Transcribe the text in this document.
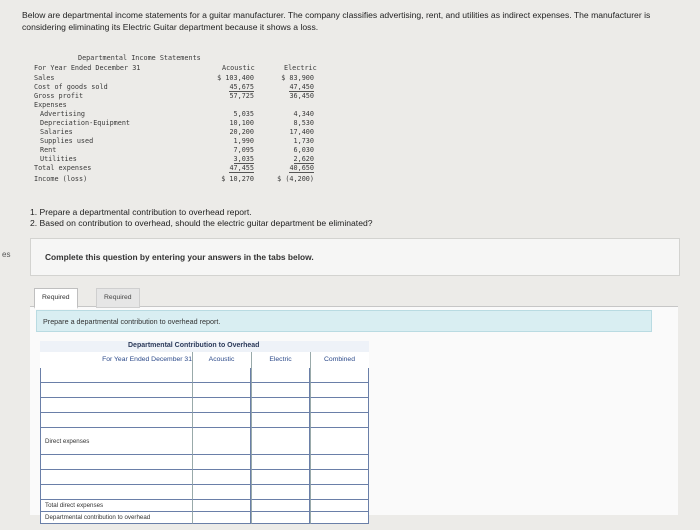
es
Below are departmental income statements for a guitar manufacturer. The company classifies advertising, rent, and utilities as indirect expenses. The manufacturer is considering eliminating its Electric Guitar department because it shows a loss.
Departmental Income Statements
For Year Ended December 31	Acoustic	Electric
Sales	$ 103,400	$ 83,900
Cost of goods sold	45,675	47,450
Gross profit	57,725	36,450
Expenses
Advertising	5,035	4,340
Depreciation-Equipment	10,100	8,530
Salaries	20,200	17,400
Supplies used	1,990	1,730
Rent	7,095	6,030
Utilities	3,035	2,620
Total expenses	47,455	40,650
Income (loss)	$ 10,270	$ (4,200)
1. Prepare a departmental contribution to overhead report.
2. Based on contribution to overhead, should the electric guitar department be eliminated?
Complete this question by entering your answers in the tabs below.
Required	Required
Prepare a departmental contribution to overhead report.
Departmental Contribution to Overhead
For Year Ended December 31	Acoustic	Electric	Combined
Direct expenses
Total direct expenses
Departmental contribution to overhead
